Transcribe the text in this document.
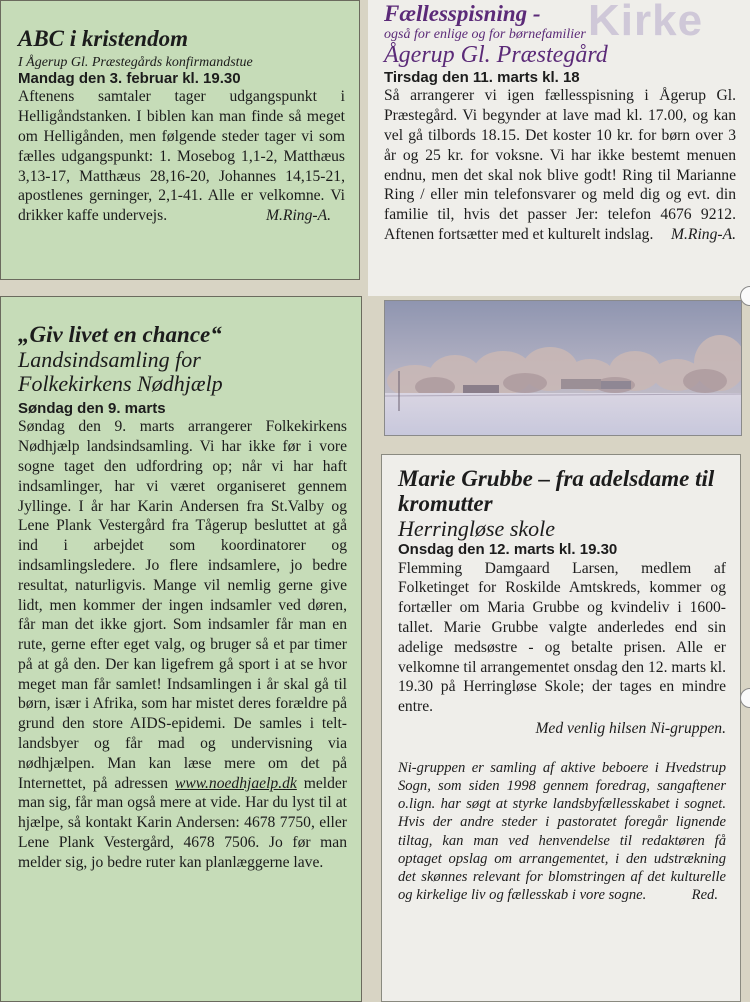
ABC i kristendom

I Ågerup Gl. Præstegårds konfirmandstue

Mandag den 3. februar kl. 19.30

Aftenens samtaler tager udgangspunkt i Helligåndstanken. I biblen kan man finde så meget om Helligånden, men følgende steder tager vi som fælles udgangspunkt: 1. Mosebog 1,1-2, Matthæus 3,13-17, Matthæus 28,16-20, Johannes 14,15-21, apostlenes gerninger, 2,1-41. Alle er velkomne. Vi drikker kaffe undervejs.	M.Ring-A.

Kirke

Fællesspisning -

også for enlige og for børnefamilier

Ågerup Gl. Præstegård

Tirsdag den 11. marts kl. 18

Så arrangerer vi igen fællesspisning i Ågerup Gl. Præstegård. Vi begynder at lave mad kl. 17.00, og kan vel gå tilbords 18.15. Det koster 10 kr. for børn over 3 år og 25 kr. for voksne. Vi har ikke bestemt menuen endnu, men det skal nok blive godt! Ring til Marianne Ring / eller min telefonsvarer og meld dig og evt. din familie til, hvis det passer Jer: telefon 4676 9212. Aftenen fortsætter med et kulturelt indslag. M.Ring-A.

„Giv livet en chance“

Landsindsamling for

Folkekirkens Nødhjælp

Søndag den 9. marts

Søndag den 9. marts arrangerer Folkekirkens Nødhjælp landsindsamling. Vi har ikke før i vore sogne taget den udfordring op; når vi har haft indsamlinger, har vi været organiseret gennem Jyllinge. I år har Karin Andersen fra St.Valby og Lene Plank Vestergård fra Tågerup besluttet at gå ind i arbejdet som koordinatorer og indsamlingsledere. Jo flere indsamlere, jo bedre resultat, naturligvis. Mange vil nemlig gerne give lidt, men kommer der ingen indsamler ved døren, får man det ikke gjort. Som indsamler får man en rute, gerne efter eget valg, og bruger så et par timer på at gå den. Der kan ligefrem gå sport i at se hvor meget man får samlet! Indsamlingen i år skal gå til børn, især i Afrika, som har mistet deres forældre på grund den store AIDS-epidemi. De samles i telt-landsbyer og får mad og undervisning via nødhjælpen. Man kan læse mere om det på Internettet, på adressen www.noedhjaelp.dk melder man sig, får man også mere at vide. Har du lyst til at hjælpe, så kontakt Karin Andersen: 4678 7750, eller Lene Plank Vestergård, 4678 7506. Jo før man melder sig, jo bedre ruter kan planlæggerne lave.

Marie Grubbe – fra adelsdame til kromutter

Herringløse skole

Onsdag den 12. marts kl. 19.30

Flemming Damgaard Larsen, medlem af Folketinget for Roskilde Amtskreds, kommer og fortæller om Maria Grubbe og kvindeliv i 1600-tallet. Marie Grubbe valgte anderledes end sin adelige medsøstre - og betalte prisen. Alle er velkomne til arrangementet onsdag den 12. marts kl. 19.30 på Herringløse Skole; der tages en mindre entre.

Med venlig hilsen Ni-gruppen.

Ni-gruppen er samling af aktive beboere i Hvedstrup Sogn, som siden 1998 gennem foredrag, sangaftener o.lign. har søgt at styrke landsbyfællesskabet i sognet. Hvis der andre steder i pastoratet foregår lignende tiltag, kan man ved henvendelse til redaktøren få optaget opslag om arrangementet, i den udstrækning det skønnes relevant for blomstringen af det kulturelle og kirkelige liv og fællesskab i vore sogne.	Red.
